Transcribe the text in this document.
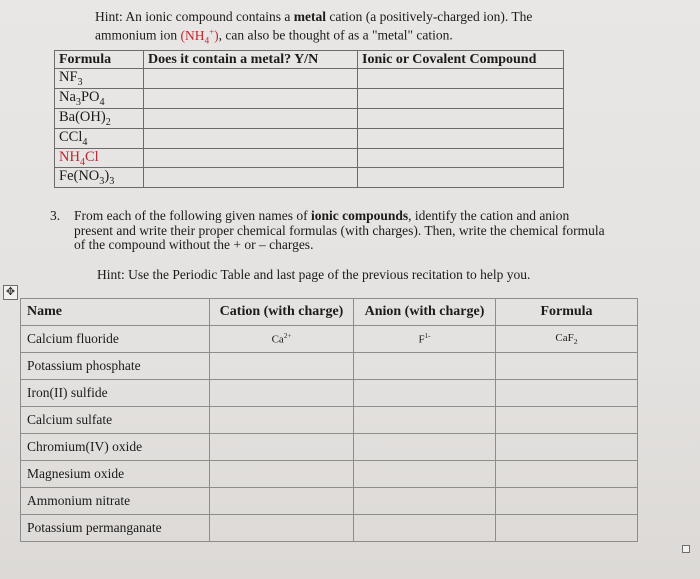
Hint: An ionic compound contains a metal cation (a positively-charged ion). The
ammonium ion $(NH_4^+)$, can also be thought of as a "metal" cation.
Formula	Does it contain a metal? Y/N	Ionic or Covalent Compound
$NF_3$		
$Na_3PO_4$		
$Ba(OH)_2$		
CCl$_4$		
$NH_4Cl$		
$Fe(NO_3)_3$		
3. From each of the following given names of ionic compounds, identify the cation and anion present and write their proper chemical formulas (with charges). Then, write the chemical formula of the compound without the + or – charges.
Hint: Use the Periodic Table and last page of the previous recitation to help you.
✥
Name	Cation (with charge)	Anion (with charge)	Formula
Calcium fluoride	$Ca^{2+}$	$F^{1-}$	CaF$_2$
Potassium phosphate			
Iron(II) sulfide			
Calcium sulfate			
Chromium(IV) oxide			
Magnesium oxide			
Ammonium nitrate			
Potassium permanganate			
